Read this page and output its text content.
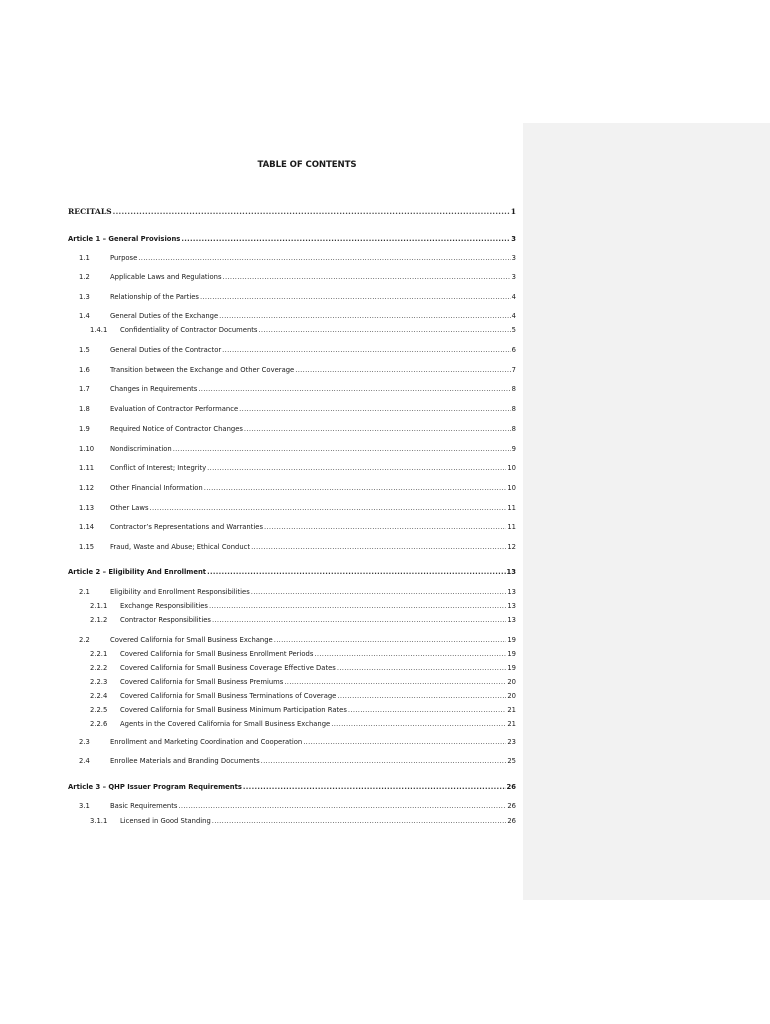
TABLE OF CONTENTS
RECITALS .....	1
Article 1 – General Provisions .....	3
1.1	Purpose .....	3
1.2	Applicable Laws and Regulations .....	3
1.3	Relationship of the Parties .....	4
1.4	General Duties of the Exchange .....	4
1.4.1	Confidentiality of Contractor Documents .....	5
1.5	General Duties of the Contractor .....	6
1.6	Transition between the Exchange and Other Coverage .....	7
1.7	Changes in Requirements .....	8
1.8	Evaluation of Contractor Performance .....	8
1.9	Required Notice of Contractor Changes .....	8
1.10	Nondiscrimination .....	9
1.11	Conflict of Interest; Integrity .....	10
1.12	Other Financial Information .....	10
1.13	Other Laws .....	11
1.14	Contractor’s Representations and Warranties .....	11
1.15	Fraud, Waste and Abuse; Ethical Conduct .....	12
Article 2 – Eligibility And Enrollment .....	13
2.1	Eligibility and Enrollment Responsibilities .....	13
2.1.1	Exchange Responsibilities .....	13
2.1.2	Contractor Responsibilities .....	13
2.2	Covered California for Small Business Exchange .....	19
2.2.1	Covered California for Small Business Enrollment Periods .....	19
2.2.2	Covered California for Small Business Coverage Effective Dates .....	19
2.2.3	Covered California for Small Business Premiums .....	20
2.2.4	Covered California for Small Business Terminations of Coverage .....	20
2.2.5	Covered California for Small Business Minimum Participation Rates .....	21
2.2.6	Agents in the Covered California for Small Business Exchange .....	21
2.3	Enrollment and Marketing Coordination and Cooperation .....	23
2.4	Enrollee Materials and Branding Documents .....	25
Article 3 – QHP Issuer Program Requirements .....	26
3.1	Basic Requirements .....	26
3.1.1	Licensed in Good Standing .....	26
